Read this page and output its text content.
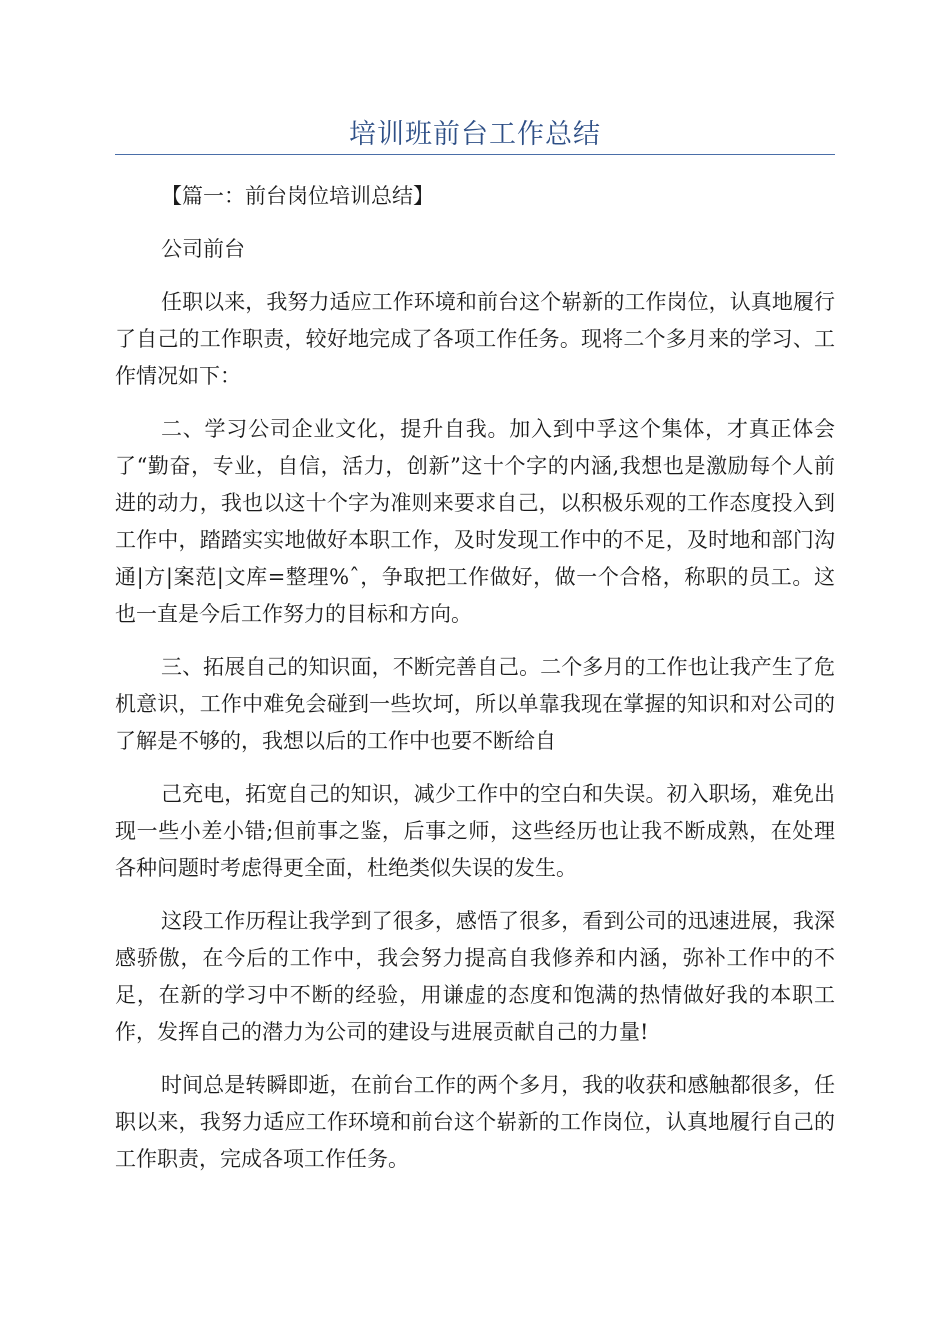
培训班前台工作总结

【篇一：前台岗位培训总结】

公司前台

任职以来，我努力适应工作环境和前台这个崭新的工作岗位，认真地履行了自己的工作职责，较好地完成了各项工作任务。现将二个多月来的学习、工作情况如下：

二、学习公司企业文化，提升自我。加入到中孚这个集体，才真正体会了“勤奋，专业，自信，活力，创新”这十个字的内涵,我想也是激励每个人前进的动力，我也以这十个字为准则来要求自己，以积极乐观的工作态度投入到工作中，踏踏实实地做好本职工作，及时发现工作中的不足，及时地和部门沟通|方|案范|文库=整理%ˆ，争取把工作做好，做一个合格，称职的员工。这也一直是今后工作努力的目标和方向。

三、拓展自己的知识面，不断完善自己。二个多月的工作也让我产生了危机意识，工作中难免会碰到一些坎坷，所以单靠我现在掌握的知识和对公司的了解是不够的，我想以后的工作中也要不断给自

己充电，拓宽自己的知识，减少工作中的空白和失误。初入职场，难免出现一些小差小错;但前事之鉴，后事之师，这些经历也让我不断成熟，在处理各种问题时考虑得更全面，杜绝类似失误的发生。

这段工作历程让我学到了很多，感悟了很多，看到公司的迅速进展，我深感骄傲，在今后的工作中，我会努力提高自我修养和内涵，弥补工作中的不足，在新的学习中不断的经验，用谦虚的态度和饱满的热情做好我的本职工作，发挥自己的潜力为公司的建设与进展贡献自己的力量!

时间总是转瞬即逝，在前台工作的两个多月，我的收获和感触都很多，任职以来，我努力适应工作环境和前台这个崭新的工作岗位，认真地履行自己的工作职责，完成各项工作任务。
